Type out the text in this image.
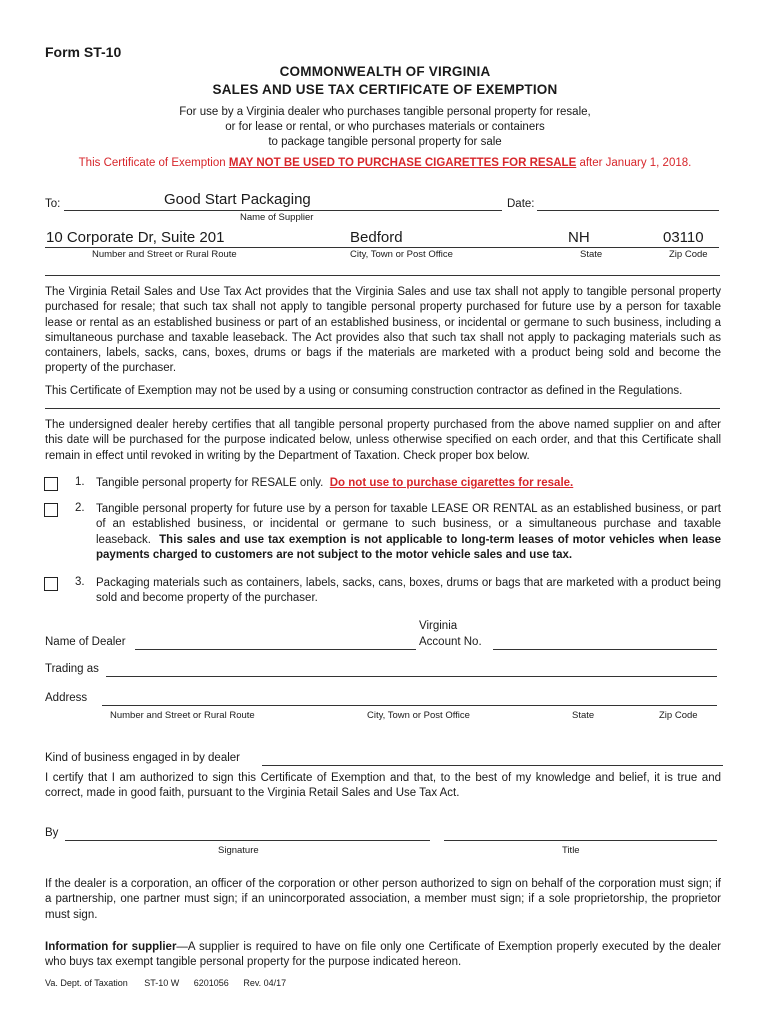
Form ST-10
COMMONWEALTH OF VIRGINIA
SALES AND USE TAX CERTIFICATE OF EXEMPTION
For use by a Virginia dealer who purchases tangible personal property for resale,
or for lease or rental, or who purchases materials or containers
to package tangible personal property for sale
This Certificate of Exemption MAY NOT BE USED TO PURCHASE CIGARETTES FOR RESALE after January 1, 2018.
To:	Good Start Packaging
Name of Supplier
Date:
10 Corporate Dr, Suite 201	Bedford	NH	03110
Number and Street or Rural Route	City, Town or Post Office	State	Zip Code
The Virginia Retail Sales and Use Tax Act provides that the Virginia Sales and use tax shall not apply to tangible personal property purchased for resale; that such tax shall not apply to tangible personal property purchased for future use by a person for taxable lease or rental as an established business or part of an established business, or incidental or germane to such business, including a simultaneous purchase and taxable leaseback. The Act provides also that such tax shall not apply to packaging materials such as containers, labels, sacks, cans, boxes, drums or bags if the materials are marketed with a product being sold and become the property of the purchaser.
This Certificate of Exemption may not be used by a using or consuming construction contractor as defined in the Regulations.
The undersigned dealer hereby certifies that all tangible personal property purchased from the above named supplier on and after this date will be purchased for the purpose indicated below, unless otherwise specified on each order, and that this Certificate shall remain in effect until revoked in writing by the Department of Taxation. Check proper box below.
1. Tangible personal property for RESALE only. Do not use to purchase cigarettes for resale.
2. Tangible personal property for future use by a person for taxable LEASE OR RENTAL as an established business, or part of an established business, or incidental or germane to such business, or a simultaneous purchase and taxable leaseback. This sales and use tax exemption is not applicable to long-term leases of motor vehicles when lease payments charged to customers are not subject to the motor vehicle sales and use tax.
3. Packaging materials such as containers, labels, sacks, cans, boxes, drums or bags that are marketed with a product being sold and become property of the purchaser.
Name of Dealer
Virginia
Account No.
Trading as
Address
Number and Street or Rural Route	City, Town or Post Office	State	Zip Code
Kind of business engaged in by dealer
I certify that I am authorized to sign this Certificate of Exemption and that, to the best of my knowledge and belief, it is true and correct, made in good faith, pursuant to the Virginia Retail Sales and Use Tax Act.
By
Signature	Title
If the dealer is a corporation, an officer of the corporation or other person authorized to sign on behalf of the corporation must sign; if a partnership, one partner must sign; if an unincorporated association, a member must sign; if a sole proprietorship, the proprietor must sign.
Information for supplier—A supplier is required to have on file only one Certificate of Exemption properly executed by the dealer who buys tax exempt tangible personal property for the purpose indicated hereon.
Va. Dept. of Taxation ST-10 W 6201056 Rev. 04/17
